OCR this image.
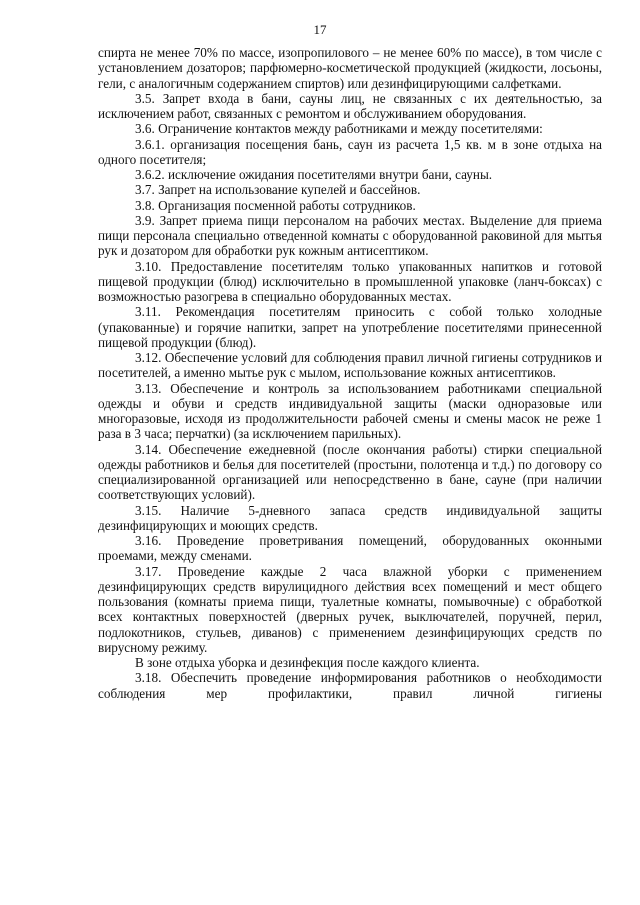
17

спирта не менее 70% по массе, изопропилового – не менее 60% по массе), в том числе с установлением дозаторов; парфюмерно-косметической продукцией (жидкости, лосьоны, гели, с аналогичным содержанием спиртов) или дезинфицирующими салфетками.

3.5. Запрет входа в бани, сауны лиц, не связанных с их деятельностью, за исключением работ, связанных с ремонтом и обслуживанием оборудования.

3.6. Ограничение контактов между работниками и между посетителями:

3.6.1. организация посещения бань, саун из расчета 1,5 кв. м в зоне отдыха на одного посетителя;

3.6.2. исключение ожидания посетителями внутри бани, сауны.

3.7. Запрет на использование купелей и бассейнов.

3.8. Организация посменной работы сотрудников.

3.9. Запрет приема пищи персоналом на рабочих местах. Выделение для приема пищи персонала специально отведенной комнаты с оборудованной раковиной для мытья рук и дозатором для обработки рук кожным антисептиком.

3.10. Предоставление посетителям только упакованных напитков и готовой пищевой продукции (блюд) исключительно в промышленной упаковке (ланч-боксах) с возможностью разогрева в специально оборудованных местах.

3.11. Рекомендация посетителям приносить с собой только холодные (упакованные) и горячие напитки, запрет на употребление посетителями принесенной пищевой продукции (блюд).

3.12. Обеспечение условий для соблюдения правил личной гигиены сотрудников и посетителей, а именно мытье рук с мылом, использование кожных антисептиков.

3.13. Обеспечение и контроль за использованием работниками специальной одежды и обуви и средств индивидуальной защиты (маски одноразовые или многоразовые, исходя из продолжительности рабочей смены и смены масок не реже 1 раза в 3 часа; перчатки) (за исключением парильных).

3.14. Обеспечение ежедневной (после окончания работы) стирки специальной одежды работников и белья для посетителей (простыни, полотенца и т.д.) по договору со специализированной организацией или непосредственно в бане, сауне (при наличии соответствующих условий).

3.15. Наличие 5-дневного запаса средств индивидуальной защиты дезинфицирующих и моющих средств.

3.16. Проведение проветривания помещений, оборудованных оконными проемами, между сменами.

3.17. Проведение каждые 2 часа влажной уборки с применением дезинфицирующих средств вирулицидного действия всех помещений и мест общего пользования (комнаты приема пищи, туалетные комнаты, помывочные) с обработкой всех контактных поверхностей (дверных ручек, выключателей, поручней, перил, подлокотников, стульев, диванов) с применением дезинфицирующих средств по вирусному режиму.

В зоне отдыха уборка и дезинфекция после каждого клиента.

3.18. Обеспечить проведение информирования работников о необходимости соблюдения мер профилактики, правил личной гигиены
